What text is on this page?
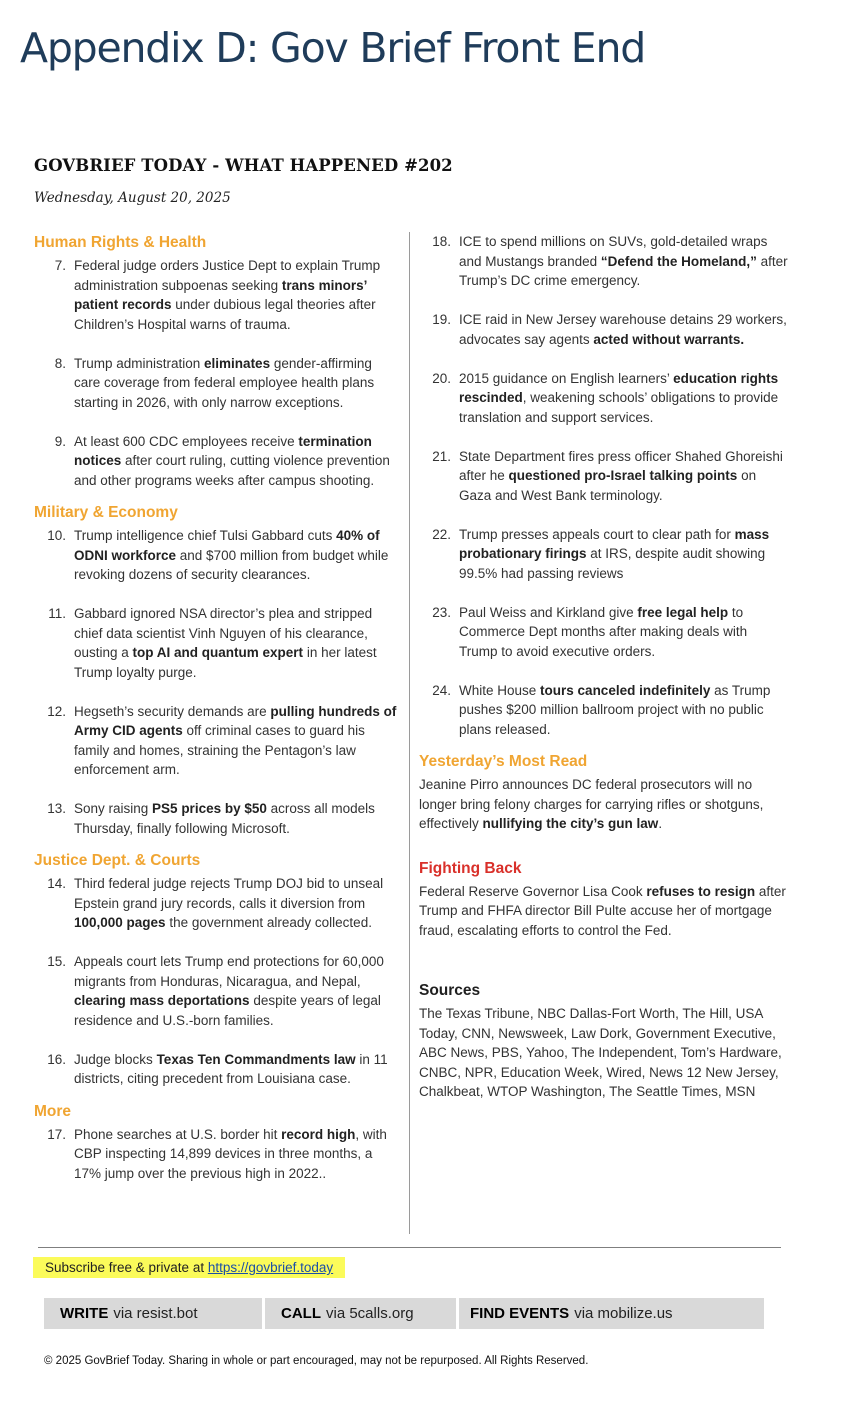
Appendix D: Gov Brief Front End
GOVBRIEF TODAY - WHAT HAPPENED #202

Wednesday, August 20, 2025

Human Rights & Health
7. Federal judge orders Justice Dept to explain Trump administration subpoenas seeking trans minors’ patient records under dubious legal theories after Children’s Hospital warns of trauma.
8. Trump administration eliminates gender-affirming care coverage from federal employee health plans starting in 2026, with only narrow exceptions.
9. At least 600 CDC employees receive termination notices after court ruling, cutting violence prevention and other programs weeks after campus shooting.
Military & Economy
10. Trump intelligence chief Tulsi Gabbard cuts 40% of ODNI workforce and $700 million from budget while revoking dozens of security clearances.
11. Gabbard ignored NSA director’s plea and stripped chief data scientist Vinh Nguyen of his clearance, ousting a top AI and quantum expert in her latest Trump loyalty purge.
12. Hegseth’s security demands are pulling hundreds of Army CID agents off criminal cases to guard his family and homes, straining the Pentagon’s law enforcement arm.
13. Sony raising PS5 prices by $50 across all models Thursday, finally following Microsoft.
Justice Dept. & Courts
14. Third federal judge rejects Trump DOJ bid to unseal Epstein grand jury records, calls it diversion from 100,000 pages the government already collected.
15. Appeals court lets Trump end protections for 60,000 migrants from Honduras, Nicaragua, and Nepal, clearing mass deportations despite years of legal residence and U.S.-born families.
16. Judge blocks Texas Ten Commandments law in 11 districts, citing precedent from Louisiana case.
More
17. Phone searches at U.S. border hit record high, with CBP inspecting 14,899 devices in three months, a 17% jump over the previous high in 2022..
18. ICE to spend millions on SUVs, gold-detailed wraps and Mustangs branded “Defend the Homeland,” after Trump’s DC crime emergency.
19. ICE raid in New Jersey warehouse detains 29 workers, advocates say agents acted without warrants.
20. 2015 guidance on English learners’ education rights rescinded, weakening schools’ obligations to provide translation and support services.
21. State Department fires press officer Shahed Ghoreishi after he questioned pro-Israel talking points on Gaza and West Bank terminology.
22. Trump presses appeals court to clear path for mass probationary firings at IRS, despite audit showing 99.5% had passing reviews
23. Paul Weiss and Kirkland give free legal help to Commerce Dept months after making deals with Trump to avoid executive orders.
24. White House tours canceled indefinitely as Trump pushes $200 million ballroom project with no public plans released.
Yesterday’s Most Read

Jeanine Pirro announces DC federal prosecutors will no longer bring felony charges for carrying rifles or shotguns, effectively nullifying the city’s gun law.

Fighting Back

Federal Reserve Governor Lisa Cook refuses to resign after Trump and FHFA director Bill Pulte accuse her of mortgage fraud, escalating efforts to control the Fed.

Sources

The Texas Tribune, NBC Dallas-Fort Worth, The Hill, USA Today, CNN, Newsweek, Law Dork, Government Executive, ABC News, PBS, Yahoo, The Independent, Tom’s Hardware, CNBC, NPR, Education Week, Wired, News 12 New Jersey, Chalkbeat, WTOP Washington, The Seattle Times, MSN

Subscribe free & private at https://govbrief.today
WRITE via resist.bot	CALL via 5calls.org	FIND EVENTS via mobilize.us

© 2025 GovBrief Today. Sharing in whole or part encouraged, may not be repurposed. All Rights Reserved.
